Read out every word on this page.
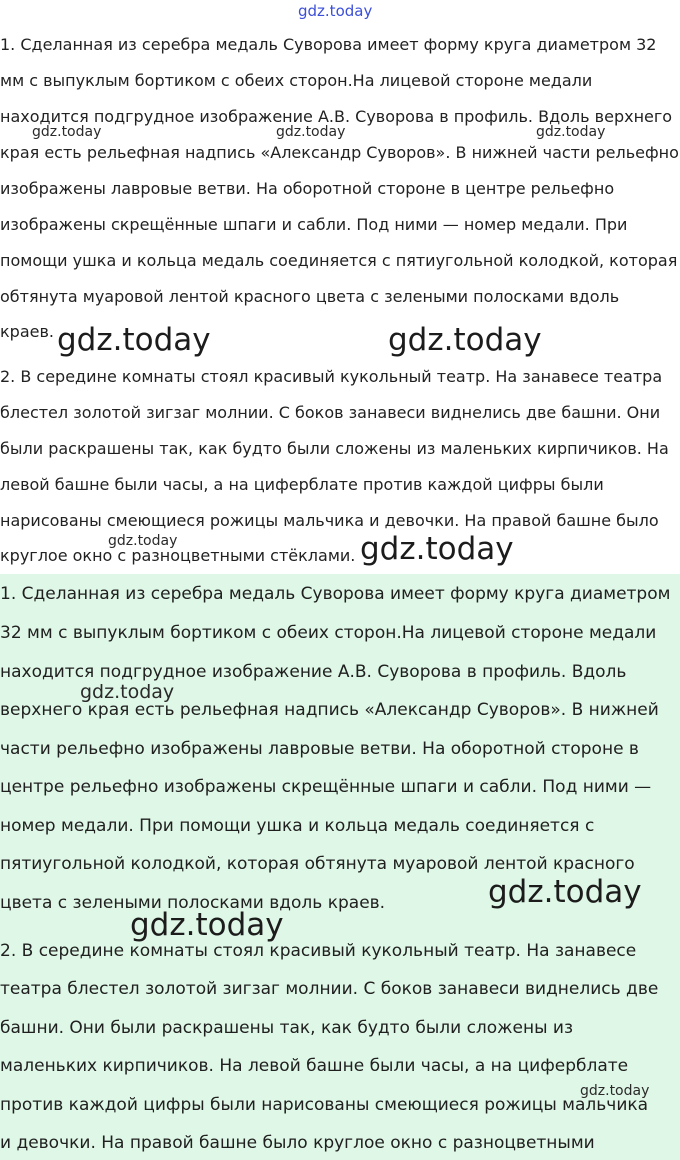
gdz.today
1. Сделанная из серебра медаль Суворова имеет форму круга диаметром 32
мм с выпуклым бортиком с обеих сторон.На лицевой стороне медали
находится подгрудное изображение А.В. Суворова в профиль. Вдоль верхнего
края есть рельефная надпись «Александр Суворов». В нижней части рельефно
изображены лавровые ветви. На оборотной стороне в центре рельефно
изображены скрещённые шпаги и сабли. Под ними — номер медали. При
помощи ушка и кольца медаль соединяется с пятиугольной колодкой, которая
обтянута муаровой лентой красного цвета с зелеными полосками вдоль
краев.
2. В середине комнаты стоял красивый кукольный театр. На занавесе театра
блестел золотой зигзаг молнии. С боков занавеси виднелись две башни. Они
были раскрашены так, как будто были сложены из маленьких кирпичиков. На
левой башне были часы, а на циферблате против каждой цифры были
нарисованы смеющиеся рожицы мальчика и девочки. На правой башне было
круглое окно с разноцветными стёклами.
gdz.today	gdz.today	gdz.today
gdz.today	gdz.today
gdz.today	gdz.today
1. Сделанная из серебра медаль Суворова имеет форму круга диаметром
32 мм с выпуклым бортиком с обеих сторон.На лицевой стороне медали
находится подгрудное изображение А.В. Суворова в профиль. Вдоль
верхнего края есть рельефная надпись «Александр Суворов». В нижней
части рельефно изображены лавровые ветви. На оборотной стороне в
центре рельефно изображены скрещённые шпаги и сабли. Под ними —
номер медали. При помощи ушка и кольца медаль соединяется с
пятиугольной колодкой, которая обтянута муаровой лентой красного
цвета с зелеными полосками вдоль краев.
2. В середине комнаты стоял красивый кукольный театр. На занавесе
театра блестел золотой зигзаг молнии. С боков занавеси виднелись две
башни. Они были раскрашены так, как будто были сложены из
маленьких кирпичиков. На левой башне были часы, а на циферблате
против каждой цифры были нарисованы смеющиеся рожицы мальчика
и девочки. На правой башне было круглое окно с разноцветными
gdz.today
gdz.today
gdz.today
gdz.today
